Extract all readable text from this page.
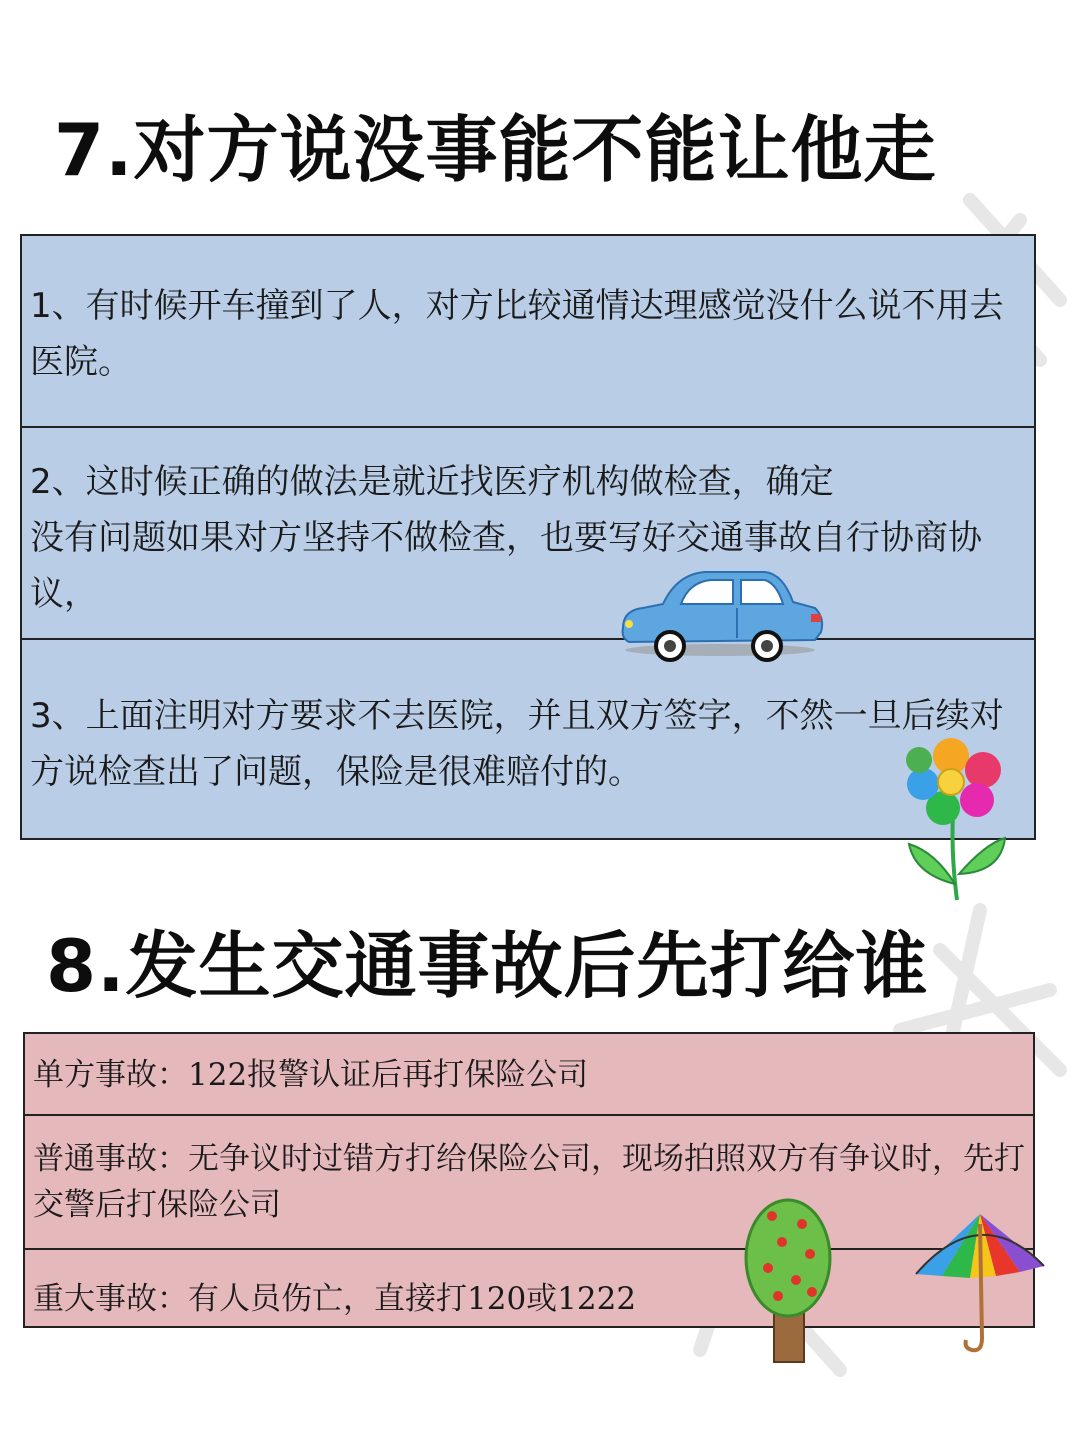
7.对方说没事能不能让他走
1、有时候开车撞到了人，对方比较通情达理感觉没什么说不用去医院。
2、这时候正确的做法是就近找医疗机构做检查，确定
没有问题如果对方坚持不做检查，也要写好交通事故自行协商协议，
3、上面注明对方要求不去医院，并且双方签字，不然一旦后续对方说检查出了问题，保险是很难赔付的。
8.发生交通事故后先打给谁
单方事故：122报警认证后再打保险公司
普通事故：无争议时过错方打给保险公司，现场拍照双方有争议时，先打交警后打保险公司
重大事故：有人员伤亡，直接打120或1222
